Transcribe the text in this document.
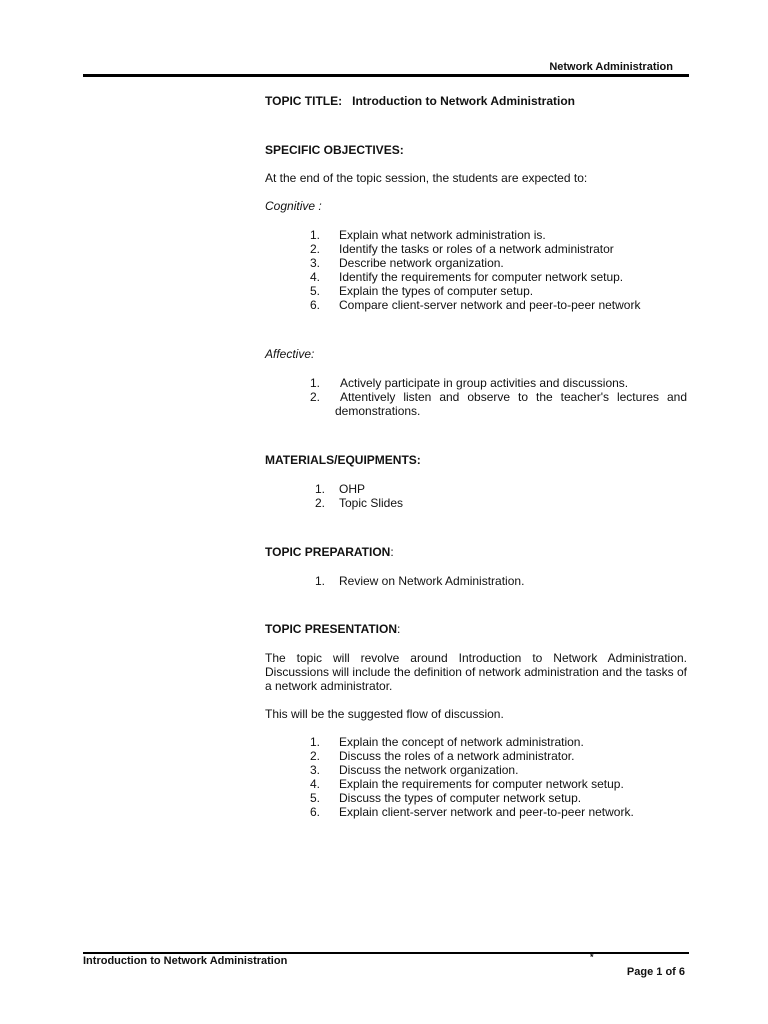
Network Administration
TOPIC TITLE: Introduction to Network Administration
SPECIFIC OBJECTIVES:

At the end of the topic session, the students are expected to:

Cognitive :

1. Explain what network administration is.
2. Identify the tasks or roles of a network administrator
3. Describe network organization.
4. Identify the requirements for computer network setup.
5. Explain the types of computer setup.
6. Compare client-server network and peer-to-peer network

Affective:

1. Actively participate in group activities and discussions.
2. Attentively listen and observe to the teacher's lectures and demonstrations.
MATERIALS/EQUIPMENTS:
1. OHP
2. Topic Slides
TOPIC PREPARATION:
1. Review on Network Administration.
TOPIC PRESENTATION:

The topic will revolve around Introduction to Network Administration. Discussions will include the definition of network administration and the tasks of a network administrator.

This will be the suggested flow of discussion.

1. Explain the concept of network administration.
2. Discuss the roles of a network administrator.
3. Discuss the network organization.
4. Explain the requirements for computer network setup.
5. Discuss the types of computer network setup.
6. Explain client-server network and peer-to-peer network.
Introduction to Network Administration	*
Page 1 of 6
